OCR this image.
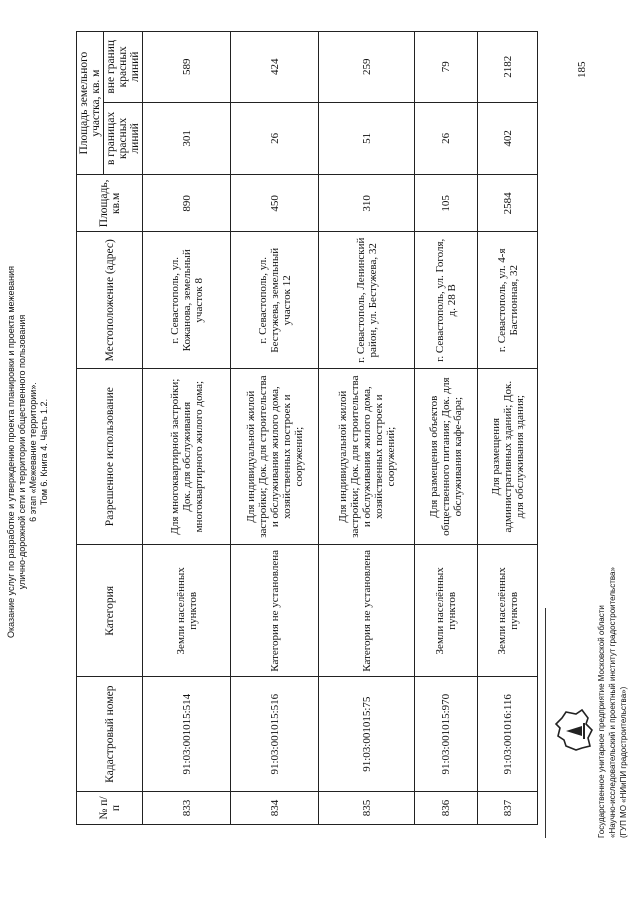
Оказание услуг по разработке и утверждению проекта планировки и проекта межевания улично-дорожной сети и территории общественного пользования 6 этап «Межевание территории». Том 6. Книга 4. Часть 1.2.
№ п/п	Кадастровый номер	Категория	Разрешенное использование	Местоположение (адрес)	Площадь, кв.м	Площадь земельного участка, кв. м	
						в границах красных линий	вне границ красных линий
833	91:03:001015:514	Земли населённых пунктов	Для многоквартирной застройки; Док. для обслуживания многоквартирного жилого дома;	г. Севастополь, ул. Кожанова, земельный участок 8	890	301	589
834	91:03:001015:516	Категория не установлена	Для индивидуальной жилой застройки; Док. для строительства и обслуживания жилого дома, хозяйственных построек и сооружений;	г. Севастополь, ул. Бестужева, земельный участок 12	450	26	424
835	91:03:001015:75	Категория не установлена	Для индивидуальной жилой застройки; Док. для строительства и обслуживания жилого дома, хозяйственных построек и сооружений;	г. Севастополь, Ленинский район, ул. Бестужева, 32	310	51	259
836	91:03:001015:970	Земли населённых пунктов	Для размещения объектов общественного питания; Док. для обслуживания кафе-бара;	г. Севастополь, ул. Гоголя, д. 28 В	105	26	79
837	91:03:001016:116	Земли населённых пунктов	Для размещения административных зданий; Док. для обслуживания здания;	г. Севастополь, ул. 4-я Бастионная, 32	2584	402	2182	185
Государственное унитарное предприятие Московской области «Научно-исследовательский и проектный институт градостроительства» (ГУП МО «НИиПИ градостроительства»)
